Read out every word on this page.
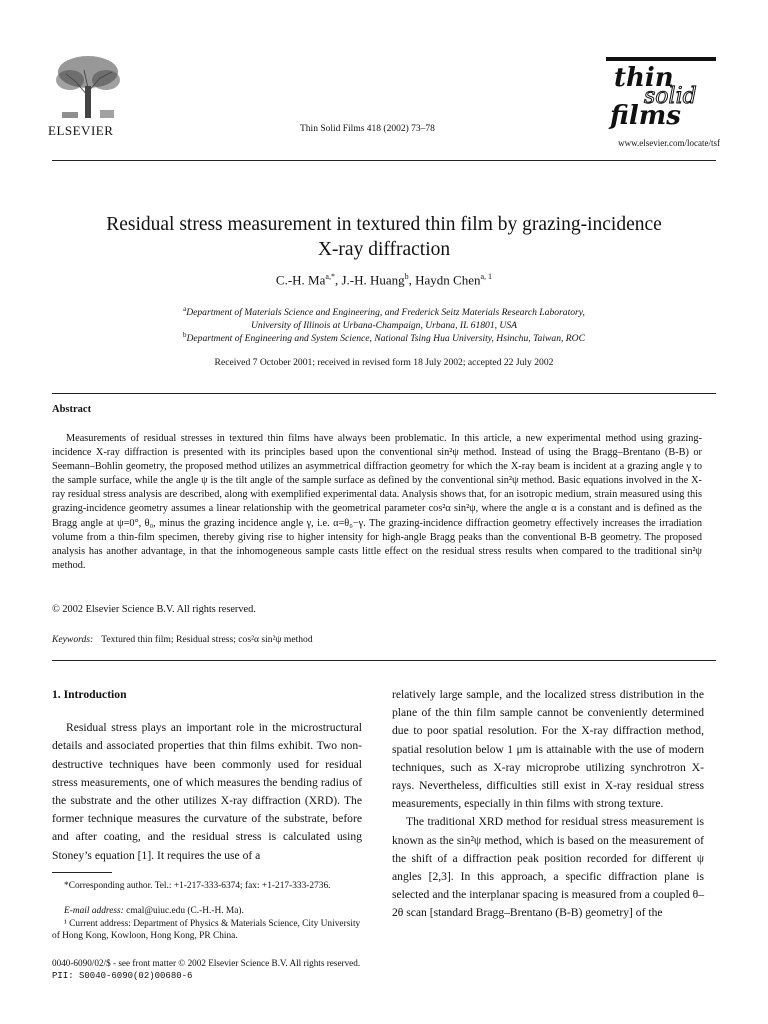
ELSEVIER	Thin Solid Films 418 (2002) 73–78
thin
solid
films
www.elsevier.com/locate/tsf
Residual stress measurement in textured thin film by grazing-incidence
X-ray diffraction
C.-H. $Ma^{a,*}$, J.-H. Huang$^b$, Haydn Chen$^{a, 1}$
$^a$Department of Materials Science and Engineering, and Frederick Seitz Materials Research Laboratory,
University of Illinois at Urbana-Champaign, Urbana, IL 61801, USA
$^b$Department of Engineering and System Science, National Tsing Hua University, Hsinchu, Taiwan, ROC
Received 7 October 2001; received in revised form 18 July 2002; accepted 22 July 2002
Abstract
Measurements of residual stresses in textured thin films have always been problematic. In this article, a new experimental method using grazing-incidence X-ray diffraction is presented with its principles based upon the conventional sin²ψ method. Instead of using the Bragg–Brentano (B-B) or Seemann–Bohlin geometry, the proposed method utilizes an asymmetrical diffraction geometry for which the X-ray beam is incident at a grazing angle γ to the sample surface, while the angle ψ is the tilt angle of the sample surface as defined by the conventional sin²ψ method. Basic equations involved in the X-ray residual stress analysis are described, along with exemplified experimental data. Analysis shows that, for an isotropic medium, strain measured using this grazing-incidence geometry assumes a linear relationship with the geometrical parameter cos²α sin²ψ, where the angle α is a constant and is defined as the Bragg angle at ψ=0°, θ₀, minus the grazing incidence angle γ, i.e. α=θ₀−γ. The grazing-incidence diffraction geometry effectively increases the irradiation volume from a thin-film specimen, thereby giving rise to higher intensity for high-angle Bragg peaks than the conventional B-B geometry. The proposed analysis has another advantage, in that the inhomogeneous sample casts little effect on the residual stress results when compared to the traditional sin²ψ method.
© 2002 Elsevier Science B.V. All rights reserved.
Keywords: Textured thin film; Residual stress; cos²α sin²ψ method
1. Introduction
Residual stress plays an important role in the microstructural details and associated properties that thin films exhibit. Two non-destructive techniques have been commonly used for residual stress measurements, one of which measures the bending radius of the substrate and the other utilizes X-ray diffraction (XRD). The former technique measures the curvature of the substrate, before and after coating, and the residual stress is calculated using Stoney’s equation [1]. It requires the use of a
relatively large sample, and the localized stress distribution in the plane of the thin film sample cannot be conveniently determined due to poor spatial resolution. For the X-ray diffraction method, spatial resolution below 1 μm is attainable with the use of modern techniques, such as X-ray microprobe utilizing synchrotron X-rays. Nevertheless, difficulties still exist in X-ray residual stress measurements, especially in thin films with strong texture.
The traditional XRD method for residual stress measurement is known as the sin²ψ method, which is based on the measurement of the shift of a diffraction peak position recorded for different ψ angles [2,3]. In this approach, a specific diffraction plane is selected and the interplanar spacing is measured from a coupled θ–2θ scan [standard Bragg–Brentano (B-B) geometry] of the
*Corresponding author. Tel.: +1-217-333-6374; fax: +1-217-333-2736.
E-mail address: cmal@uiuc.edu (C.-H.-H. Ma).
¹ Current address: Department of Physics & Materials Science, City University of Hong Kong, Kowloon, Hong Kong, PR China.
0040-6090/02/$ - see front matter © 2002 Elsevier Science B.V. All rights reserved.
PII: S0040-6090(02)00680-6
